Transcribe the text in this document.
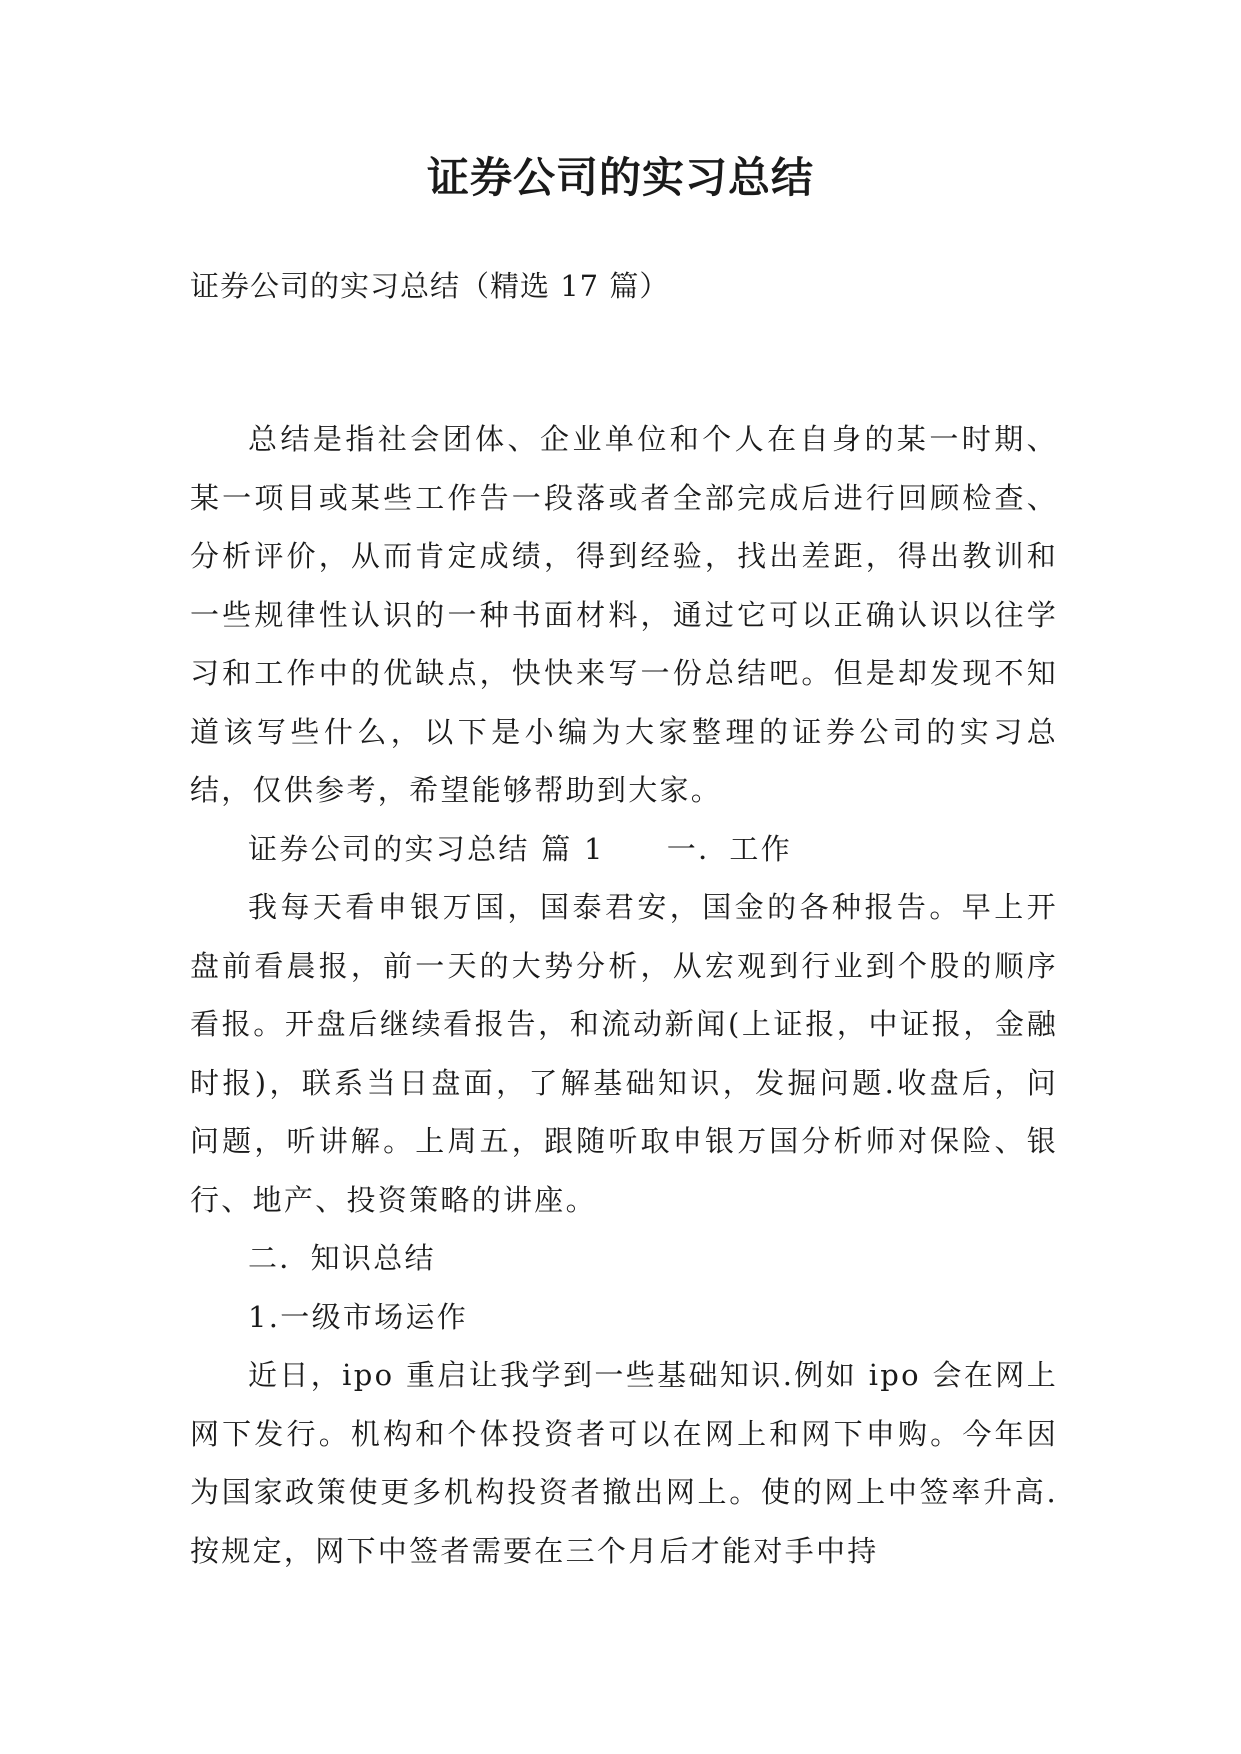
证券公司的实习总结

证券公司的实习总结（精选 17 篇）

总结是指社会团体、企业单位和个人在自身的某一时期、某一项目或某些工作告一段落或者全部完成后进行回顾检查、分析评价，从而肯定成绩，得到经验，找出差距，得出教训和一些规律性认识的一种书面材料，通过它可以正确认识以往学习和工作中的优缺点，快快来写一份总结吧。但是却发现不知道该写些什么，以下是小编为大家整理的证券公司的实习总结，仅供参考，希望能够帮助到大家。

证券公司的实习总结 篇 1 一．工作

我每天看申银万国，国泰君安，国金的各种报告。早上开盘前看晨报，前一天的大势分析，从宏观到行业到个股的顺序看报。开盘后继续看报告，和流动新闻(上证报，中证报，金融时报)，联系当日盘面，了解基础知识，发掘问题.收盘后，问问题，听讲解。上周五，跟随听取申银万国分析师对保险、银行、地产、投资策略的讲座。

二．知识总结

1.一级市场运作

近日，ipo 重启让我学到一些基础知识.例如 ipo 会在网上网下发行。机构和个体投资者可以在网上和网下申购。今年因为国家政策使更多机构投资者撤出网上。使的网上中签率升高.按规定，网下中签者需要在三个月后才能对手中持
